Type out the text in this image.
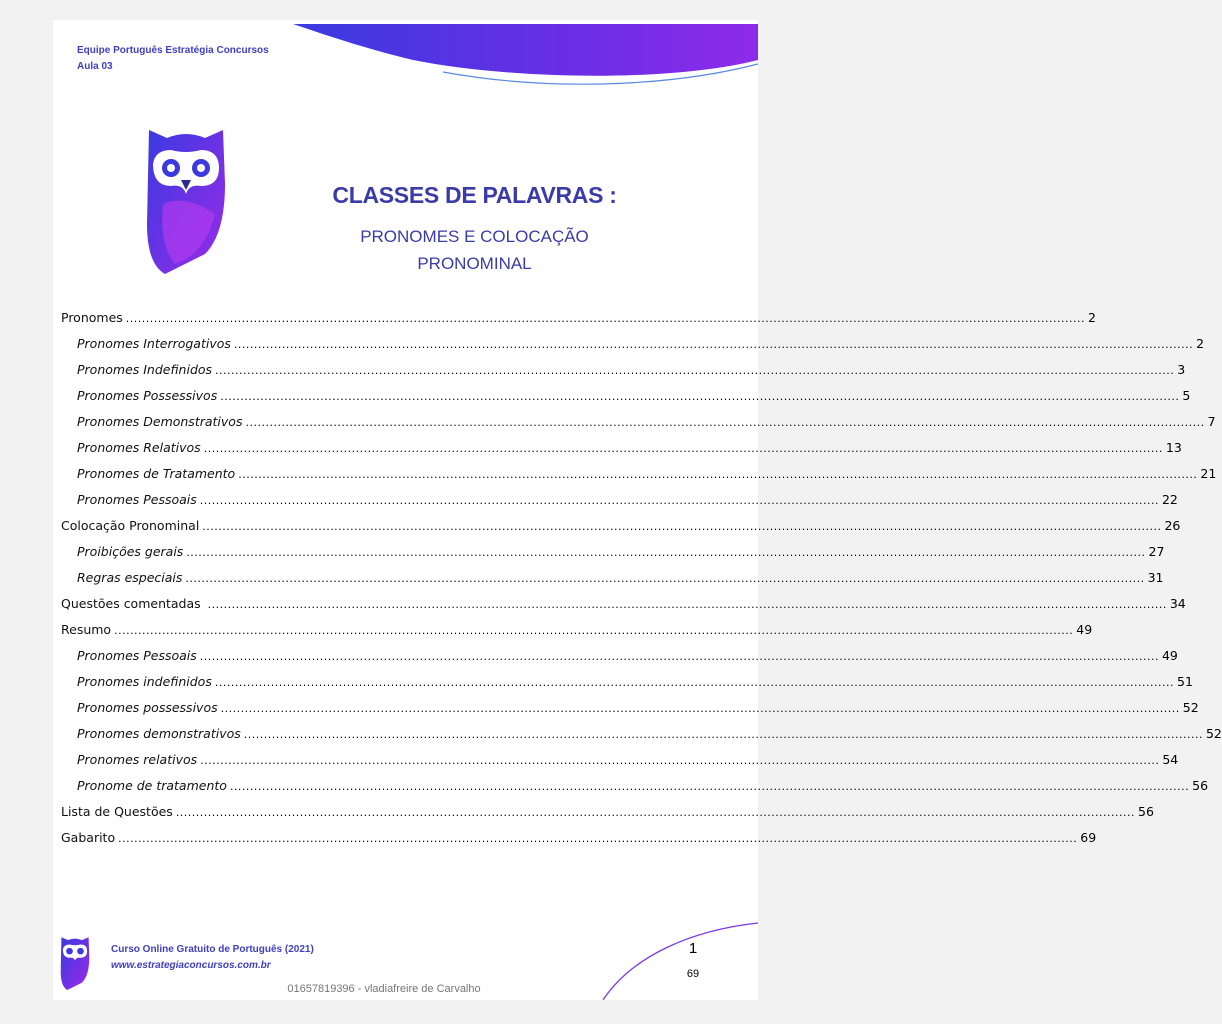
Equipe Português Estratégia Concursos
Aula 03
CLASSES DE PALAVRAS :
PRONOMES E COLOCAÇÃO
PRONOMINAL
Pronomes ................................................................................................................................................................................................................................................ 2
Pronomes Interrogativos ................................................................................................................................................................................................................................................ 2
Pronomes Indefinidos ................................................................................................................................................................................................................................................ 3
Pronomes Possessivos ................................................................................................................................................................................................................................................ 5
Pronomes Demonstrativos ................................................................................................................................................................................................................................................ 7
Pronomes Relativos ................................................................................................................................................................................................................................................ 13
Pronomes de Tratamento ................................................................................................................................................................................................................................................ 21
Pronomes Pessoais ................................................................................................................................................................................................................................................ 22
Colocação Pronominal ................................................................................................................................................................................................................................................ 26
Proibições gerais ................................................................................................................................................................................................................................................ 27
Regras especiais ................................................................................................................................................................................................................................................ 31
Questões comentadas ................................................................................................................................................................................................................................................ 34
Resumo ................................................................................................................................................................................................................................................ 49
Pronomes Pessoais ................................................................................................................................................................................................................................................ 49
Pronomes indefinidos ................................................................................................................................................................................................................................................ 51
Pronomes possessivos ................................................................................................................................................................................................................................................ 52
Pronomes demonstrativos ................................................................................................................................................................................................................................................ 52
Pronomes relativos ................................................................................................................................................................................................................................................ 54
Pronome de tratamento ................................................................................................................................................................................................................................................ 56
Lista de Questões ................................................................................................................................................................................................................................................ 56
Gabarito ................................................................................................................................................................................................................................................ 69
Curso Online Gratuito de Português (2021)
www.estrategiaconcursos.com.br
1
69
01657819396 - vladiafreire de Carvalho
